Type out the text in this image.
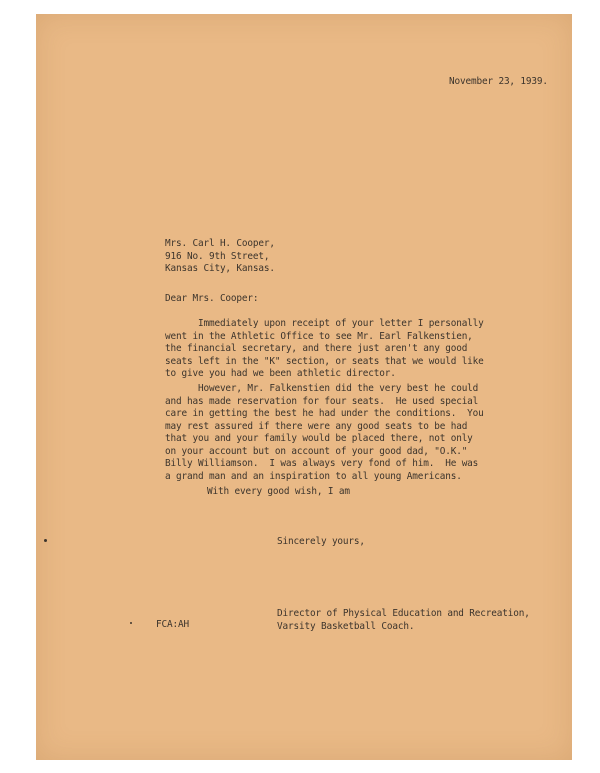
November 23, 1939.
Mrs. Carl H. Cooper,
916 No. 9th Street,
Kansas City, Kansas.
Dear Mrs. Cooper:
Immediately upon receipt of your letter I personally
went in the Athletic Office to see Mr. Earl Falkenstien,
the financial secretary, and there just aren't any good
seats left in the "K" section, or seats that we would like
to give you had we been athletic director.
However, Mr. Falkenstien did the very best he could
and has made reservation for four seats.  He used special
care in getting the best he had under the conditions.  You
may rest assured if there were any good seats to be had
that you and your family would be placed there, not only
on your account but on account of your good dad, "O.K."
Billy Williamson.  I was always very fond of him.  He was
a grand man and an inspiration to all young Americans.
With every good wish, I am
Sincerely yours,
Director of Physical Education and Recreation,
Varsity Basketball Coach.
FCA:AH
